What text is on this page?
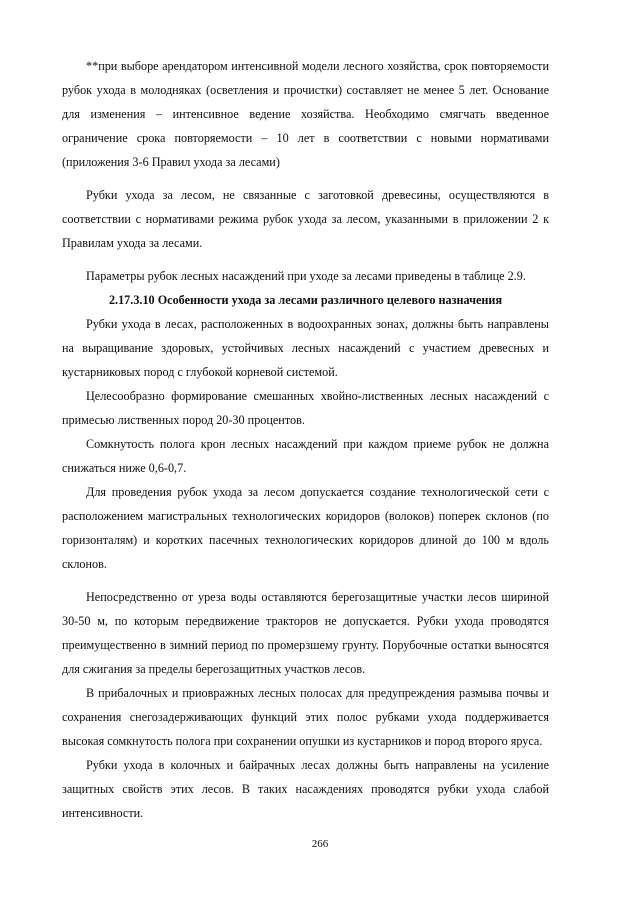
**при выборе арендатором интенсивной модели лесного хозяйства, срок повторяемости рубок ухода в молодняках (осветления и прочистки) составляет не менее 5 лет. Основание для изменения – интенсивное ведение хозяйства. Необходимо смягчать введенное ограничение срока повторяемости – 10 лет в соответствии с новыми нормативами (приложения 3-6 Правил ухода за лесами)

Рубки ухода за лесом, не связанные с заготовкой древесины, осуществляются в соответствии с нормативами режима рубок ухода за лесом, указанными в приложении 2 к Правилам ухода за лесами.

Параметры рубок лесных насаждений при уходе за лесами приведены в таблице 2.9.

2.17.3.10 Особенности ухода за лесами различного целевого назначения

Рубки ухода в лесах, расположенных в водоохранных зонах, должны быть направлены на выращивание здоровых, устойчивых лесных насаждений с участием древесных и кустарниковых пород с глубокой корневой системой.

Целесообразно формирование смешанных хвойно-лиственных лесных насаждений с примесью лиственных пород 20-30 процентов.

Сомкнутость полога крон лесных насаждений при каждом приеме рубок не должна снижаться ниже 0,6-0,7.

Для проведения рубок ухода за лесом допускается создание технологической сети с расположением магистральных технологических коридоров (волоков) поперек склонов (по горизонталям) и коротких пасечных технологических коридоров длиной до 100 м вдоль склонов.

Непосредственно от уреза воды оставляются берегозащитные участки лесов шириной 30-50 м, по которым передвижение тракторов не допускается. Рубки ухода проводятся преимущественно в зимний период по промерзшему грунту. Порубочные остатки выносятся для сжигания за пределы берегозащитных участков лесов.

В прибалочных и приовражных лесных полосах для предупреждения размыва почвы и сохранения снегозадерживающих функций этих полос рубками ухода поддерживается высокая сомкнутость полога при сохранении опушки из кустарников и пород второго яруса.

Рубки ухода в колочных и байрачных лесах должны быть направлены на усиление защитных свойств этих лесов. В таких насаждениях проводятся рубки ухода слабой интенсивности.

266
